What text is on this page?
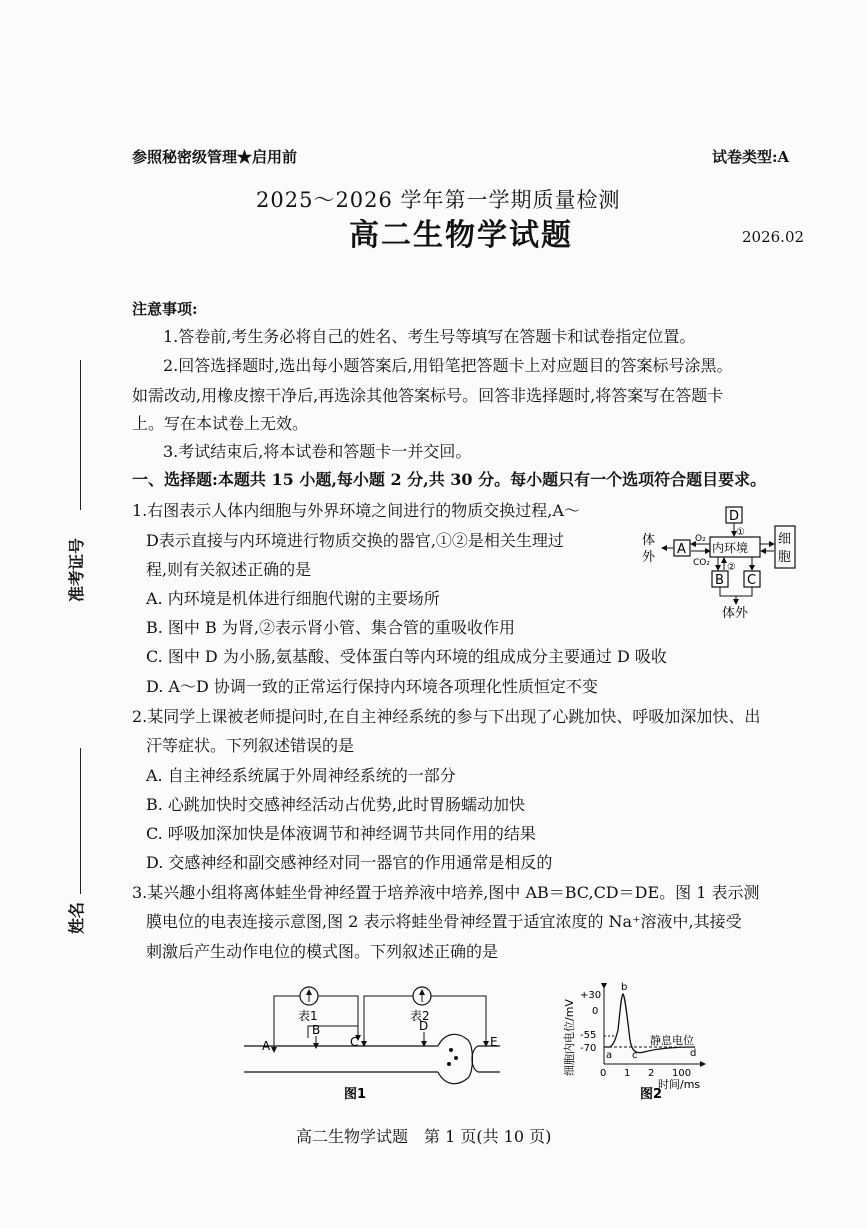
参照秘密级管理★启用前	试卷类型:A
2025～2026 学年第一学期质量检测
高二生物学试题	2026.02
准考证号
姓名
注意事项:
1.答卷前,考生务必将自己的姓名、考生号等填写在答题卡和试卷指定位置。
2.回答选择题时,选出每小题答案后,用铅笔把答题卡上对应题目的答案标号涂黑。
如需改动,用橡皮擦干净后,再选涂其他答案标号。回答非选择题时,将答案写在答题卡
上。写在本试卷上无效。
3.考试结束后,将本试卷和答题卡一并交回。
一、选择题:本题共 15 小题,每小题 2 分,共 30 分。每小题只有一个选项符合题目要求。
1.右图表示人体内细胞与外界环境之间进行的物质交换过程,A～
D表示直接与内环境进行物质交换的器官,①②是相关生理过
程,则有关叙述正确的是
A. 内环境是机体进行细胞代谢的主要场所
B. 图中 B 为肾,②表示肾小管、集合管的重吸收作用
C. 图中 D 为小肠,氨基酸、受体蛋白等内环境的组成成分主要通过 D 吸收
D. A～D 协调一致的正常运行保持内环境各项理化性质恒定不变
D
①
内环境
A
O₂
CO₂
体
外
细
胞
B C
②
体外
2.某同学上课被老师提问时,在自主神经系统的参与下出现了心跳加快、呼吸加深加快、出
汗等症状。下列叙述错误的是
A. 自主神经系统属于外周神经系统的一部分
B. 心跳加快时交感神经活动占优势,此时胃肠蠕动加快
C. 呼吸加深加快是体液调节和神经调节共同作用的结果
D. 交感神经和副交感神经对同一器官的作用通常是相反的
3.某兴趣小组将离体蛙坐骨神经置于培养液中培养,图中 AB＝BC,CD＝DE。图 1 表示测
膜电位的电表连接示意图,图 2 表示将蛙坐骨神经置于适宜浓度的 Na⁺溶液中,其接受
刺激后产生动作电位的模式图。下列叙述正确的是
表1
A
B
表2
C
D
E
图1
细胞内电位/mV
+30
0
-55
-70
a
b
c	d
静息电位
0 1 2 100
时间/ms
图2
高二生物学试题　第 1 页(共 10 页)
